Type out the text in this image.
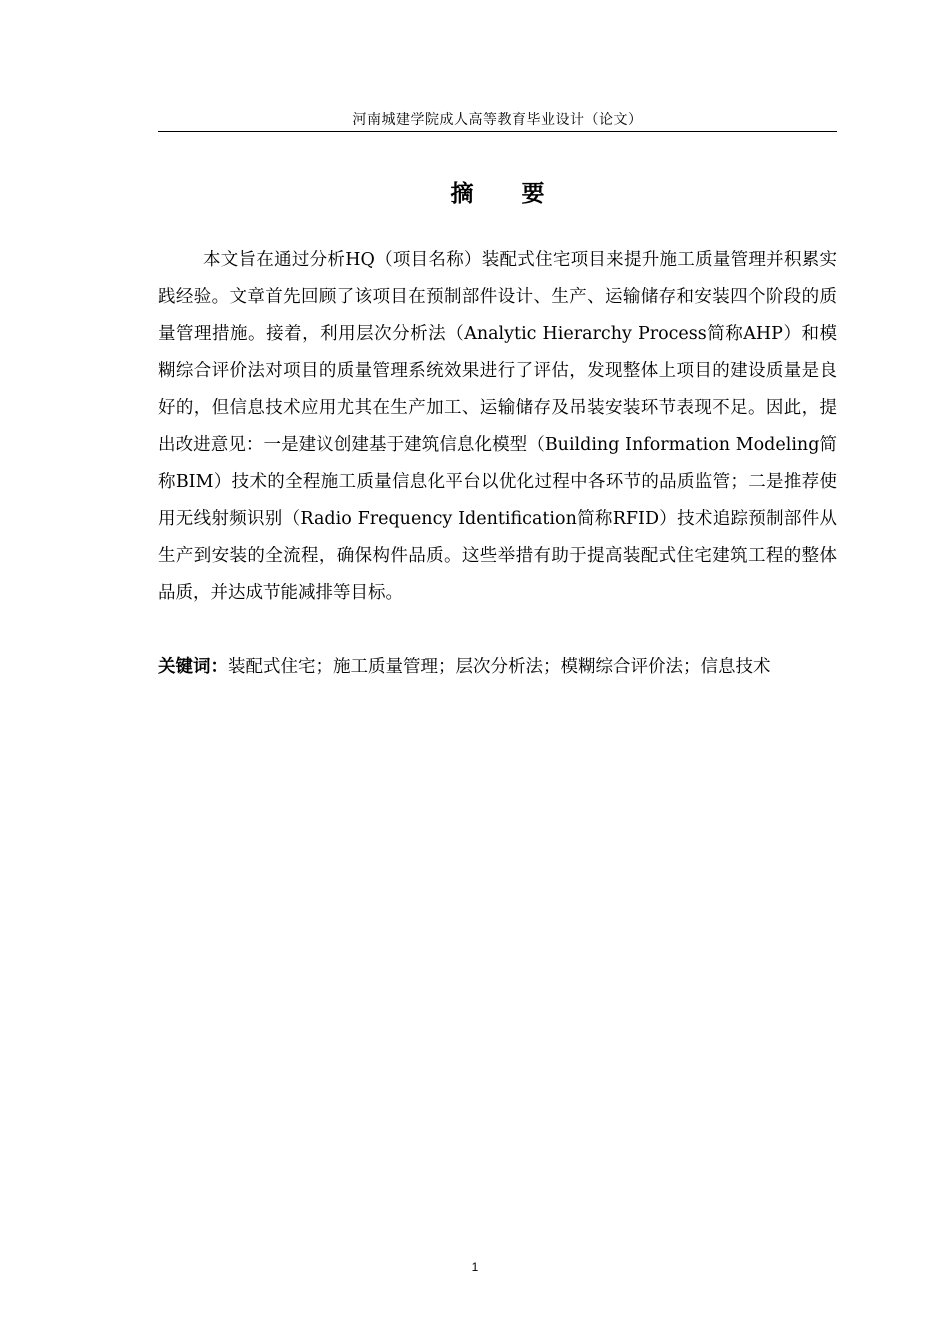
河南城建学院成人高等教育毕业设计（论文）
摘 要

本文旨在通过分析HQ（项目名称）装配式住宅项目来提升施工质量管理并积累实践经验。文章首先回顾了该项目在预制部件设计、生产、运输储存和安装四个阶段的质量管理措施。接着，利用层次分析法（Analytic Hierarchy Process简称AHP）和模糊综合评价法对项目的质量管理系统效果进行了评估，发现整体上项目的建设质量是良好的，但信息技术应用尤其在生产加工、运输储存及吊装安装环节表现不足。因此，提出改进意见：一是建议创建基于建筑信息化模型（Building Information Modeling简称BIM）技术的全程施工质量信息化平台以优化过程中各环节的品质监管；二是推荐使用无线射频识别（Radio Frequency Identification简称RFID）技术追踪预制部件从生产到安装的全流程，确保构件品质。这些举措有助于提高装配式住宅建筑工程的整体品质，并达成节能减排等目标。

关键词：装配式住宅；施工质量管理；层次分析法；模糊综合评价法；信息技术

1
